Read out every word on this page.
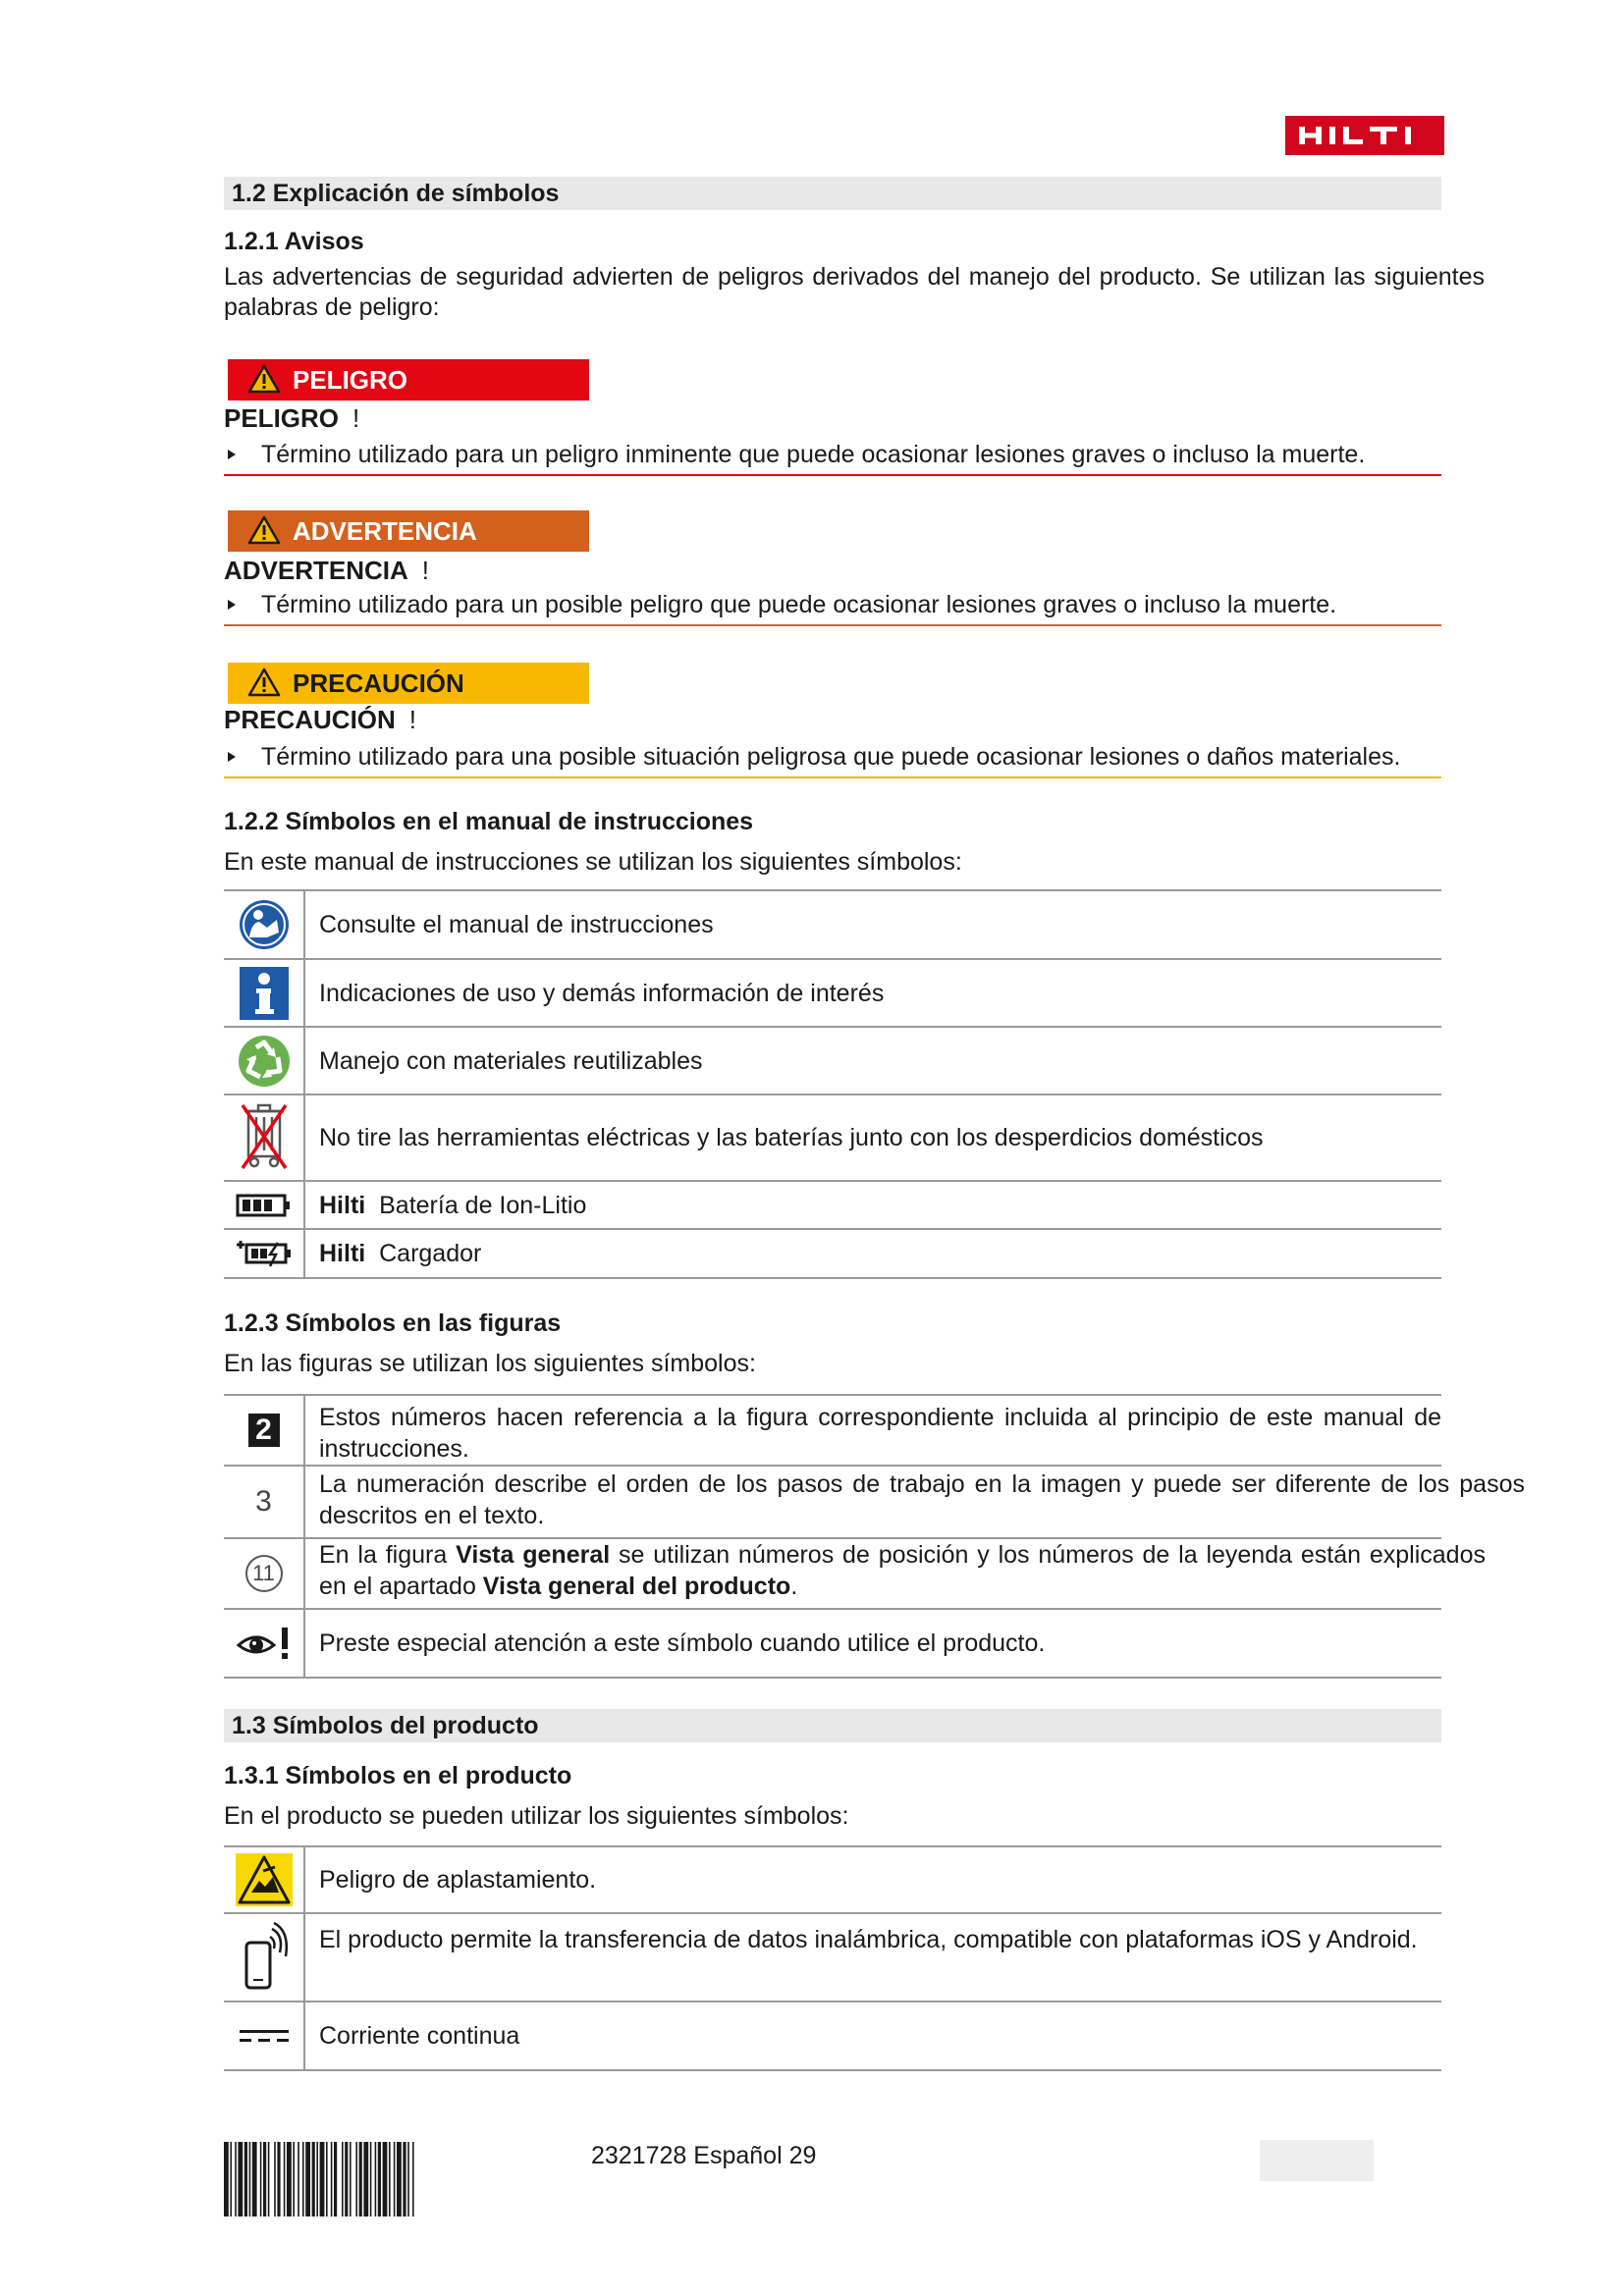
1.2 Explicación de símbolos
1.2.1 Avisos
Las advertencias de seguridad advierten de peligros derivados del manejo del producto. Se utilizan las siguientes palabras de peligro:
PELIGRO
PELIGRO !
Término utilizado para un peligro inminente que puede ocasionar lesiones graves o incluso la muerte.
ADVERTENCIA
ADVERTENCIA !
Término utilizado para un posible peligro que puede ocasionar lesiones graves o incluso la muerte.
PRECAUCIÓN
PRECAUCIÓN !
Término utilizado para una posible situación peligrosa que puede ocasionar lesiones o daños materiales.
1.2.2 Símbolos en el manual de instrucciones
En este manual de instrucciones se utilizan los siguientes símbolos:
Consulte el manual de instrucciones
Indicaciones de uso y demás información de interés
Manejo con materiales reutilizables
No tire las herramientas eléctricas y las baterías junto con los desperdicios domésticos
Hilti
Batería de Ion-Litio
Hilti
Cargador
1.2.3 Símbolos en las figuras
En las figuras se utilizan los siguientes símbolos:
2	Estos números hacen referencia a la figura correspondiente incluida al principio de este manual de instrucciones.
3
La numeración describe el orden de los pasos de trabajo en la imagen y puede ser diferente de los pasos descritos en el texto.
11
En la figura Vista general se utilizan números de posición y los números de la leyenda están explicados en el apartado Vista general del producto.
Preste especial atención a este símbolo cuando utilice el producto.
1.3 Símbolos del producto
1.3.1 Símbolos en el producto
En el producto se pueden utilizar los siguientes símbolos:
Peligro de aplastamiento.
El producto permite la transferencia de datos inalámbrica, compatible con plataformas iOS y Android.
Corriente continua
2321728 Español 29
